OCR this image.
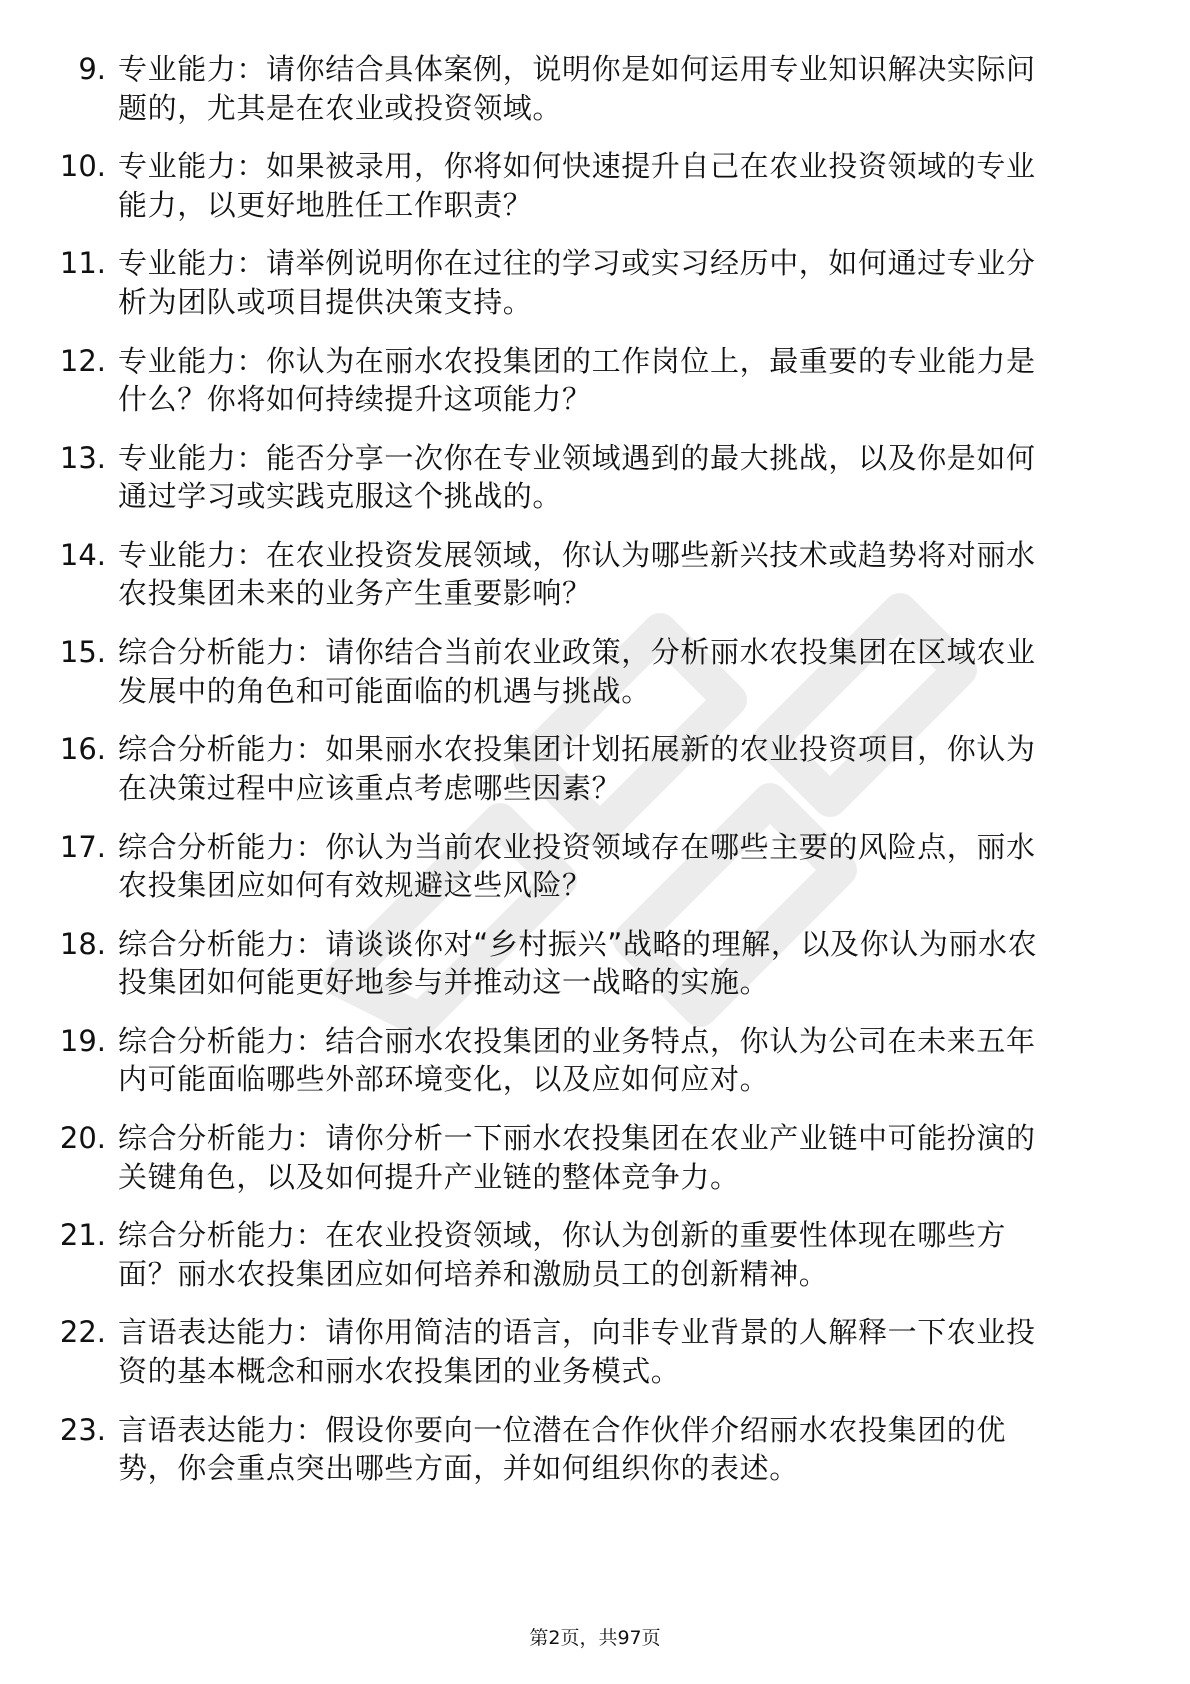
9. 专业能力：请你结合具体案例，说明你是如何运用专业知识解决实际问题的，尤其是在农业或投资领域。
10. 专业能力：如果被录用，你将如何快速提升自己在农业投资领域的专业能力，以更好地胜任工作职责？
11. 专业能力：请举例说明你在过往的学习或实习经历中，如何通过专业分析为团队或项目提供决策支持。
12. 专业能力：你认为在丽水农投集团的工作岗位上，最重要的专业能力是什么？你将如何持续提升这项能力？
13. 专业能力：能否分享一次你在专业领域遇到的最大挑战，以及你是如何通过学习或实践克服这个挑战的。
14. 专业能力：在农业投资发展领域，你认为哪些新兴技术或趋势将对丽水农投集团未来的业务产生重要影响？
15. 综合分析能力：请你结合当前农业政策，分析丽水农投集团在区域农业发展中的角色和可能面临的机遇与挑战。
16. 综合分析能力：如果丽水农投集团计划拓展新的农业投资项目，你认为在决策过程中应该重点考虑哪些因素？
17. 综合分析能力：你认为当前农业投资领域存在哪些主要的风险点，丽水农投集团应如何有效规避这些风险？
18. 综合分析能力：请谈谈你对“乡村振兴”战略的理解，以及你认为丽水农投集团如何能更好地参与并推动这一战略的实施。
19. 综合分析能力：结合丽水农投集团的业务特点，你认为公司在未来五年内可能面临哪些外部环境变化，以及应如何应对。
20. 综合分析能力：请你分析一下丽水农投集团在农业产业链中可能扮演的关键角色，以及如何提升产业链的整体竞争力。
21. 综合分析能力：在农业投资领域，你认为创新的重要性体现在哪些方面？丽水农投集团应如何培养和激励员工的创新精神。
22. 言语表达能力：请你用简洁的语言，向非专业背景的人解释一下农业投资的基本概念和丽水农投集团的业务模式。
23. 言语表达能力：假设你要向一位潜在合作伙伴介绍丽水农投集团的优势，你会重点突出哪些方面，并如何组织你的表述。
第2页，共97页
